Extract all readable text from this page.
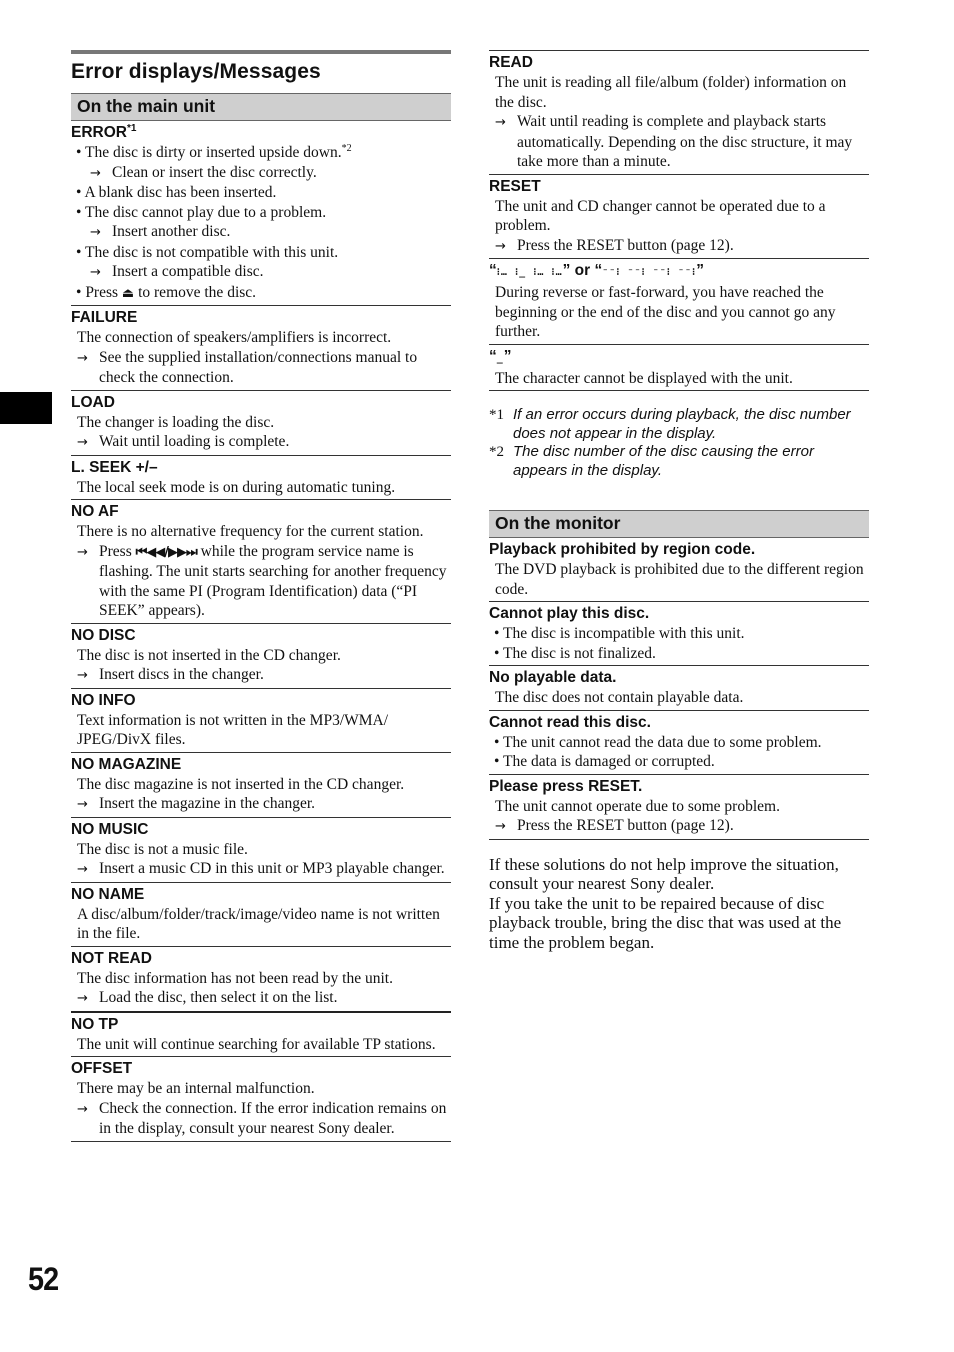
Error displays/Messages
On the main unit
ERROR$^{*1}$
• The disc is dirty or inserted upside down.$^{*2}$
→ Clean or insert the disc correctly.
• A blank disc has been inserted.
• The disc cannot play due to a problem.
→ Insert another disc.
• The disc is not compatible with this unit.
→ Insert a compatible disc.
• Press ⏏ to remove the disc.
FAILURE
The connection of speakers/amplifiers is incorrect.
→ See the supplied installation/connections manual to check the connection.
LOAD
The changer is loading the disc.
→ Wait until loading is complete.
L. SEEK +/–
The local seek mode is on during automatic tuning.
NO AF
There is no alternative frequency for the current station.
→ Press ⏮◀◀/▶▶⏭ while the program service name is flashing. The unit starts searching for another frequency with the same PI (Program Identification) data (“PI SEEK” appears).
NO DISC
The disc is not inserted in the CD changer.
→ Insert discs in the changer.
NO INFO
Text information is not written in the MP3/WMA/ JPEG/DivX files.
NO MAGAZINE
The disc magazine is not inserted in the CD changer.
→ Insert the magazine in the changer.
NO MUSIC
The disc is not a music file.
→ Insert a music CD in this unit or MP3 playable changer.
NO NAME
A disc/album/folder/track/image/video name is not written in the file.
NOT READ
The disc information has not been read by the unit.
→ Load the disc, then select it on the list.
NO TP
The unit will continue searching for available TP stations.
OFFSET
There may be an internal malfunction.
→ Check the connection. If the error indication remains on in the display, consult your nearest Sony dealer.
READ
The unit is reading all file/album (folder) information on the disc.
→ Wait until reading is complete and playback starts automatically. Depending on the disc structure, it may take more than a minute.
RESET
The unit and CD changer cannot be operated due to a problem.
→ Press the RESET button (page 12).
“⁝… ⁝_ ⁝… ⁝…” or “⁻⁻⁝ ⁻⁻⁝ ⁻⁻⁝ ⁻⁻⁝”
During reverse or fast-forward, you have reached the beginning or the end of the disc and you cannot go any further.
“_”
The character cannot be displayed with the unit.
*1 If an error occurs during playback, the disc number does not appear in the display.
*2 The disc number of the disc causing the error appears in the display.
On the monitor
Playback prohibited by region code.
The DVD playback is prohibited due to the different region code.
Cannot play this disc.
• The disc is incompatible with this unit.
• The disc is not finalized.
No playable data.
The disc does not contain playable data.
Cannot read this disc.
• The unit cannot read the data due to some problem.
• The data is damaged or corrupted.
Please press RESET.
The unit cannot operate due to some problem.
→ Press the RESET button (page 12).

If these solutions do not help improve the situation, consult your nearest Sony dealer.

If you take the unit to be repaired because of disc playback trouble, bring the disc that was used at the time the problem began.

52
